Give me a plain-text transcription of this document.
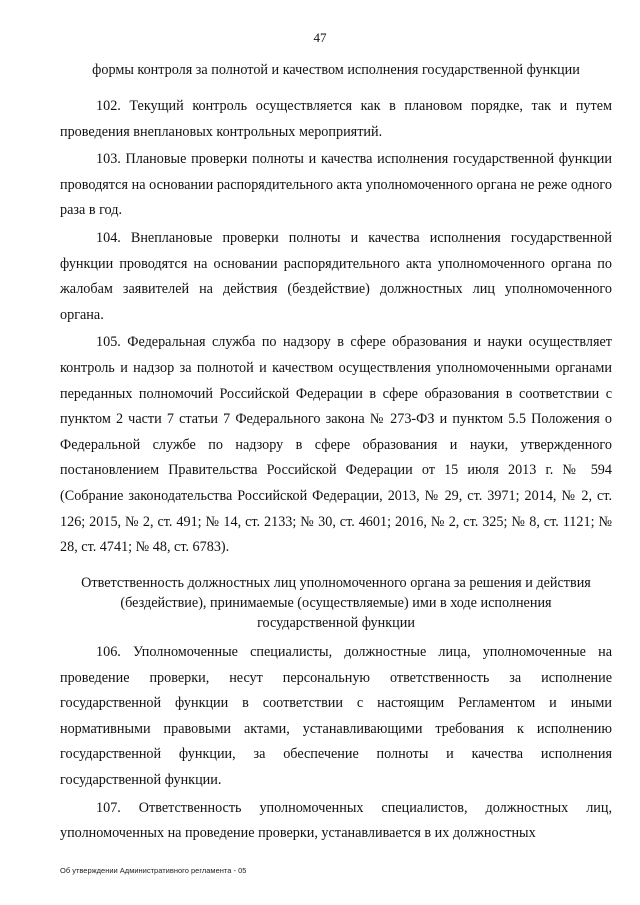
47

формы контроля за полнотой и качеством исполнения государственной функции

102. Текущий контроль осуществляется как в плановом порядке, так и путем проведения внеплановых контрольных мероприятий.

103. Плановые проверки полноты и качества исполнения государственной функции проводятся на основании распорядительного акта уполномоченного органа не реже одного раза в год.

104. Внеплановые проверки полноты и качества исполнения государственной функции проводятся на основании распорядительного акта уполномоченного органа по жалобам заявителей на действия (бездействие) должностных лиц уполномоченного органа.

105. Федеральная служба по надзору в сфере образования и науки осуществляет контроль и надзор за полнотой и качеством осуществления уполномоченными органами переданных полномочий Российской Федерации в сфере образования в соответствии с пунктом 2 части 7 статьи 7 Федерального закона № 273-ФЗ и пунктом 5.5 Положения о Федеральной службе по надзору в сфере образования и науки, утвержденного постановлением Правительства Российской Федерации от 15 июля 2013 г. № 594 (Собрание законодательства Российской Федерации, 2013, № 29, ст. 3971; 2014, № 2, ст. 126; 2015, № 2, ст. 491; № 14, ст. 2133; № 30, ст. 4601; 2016, № 2, ст. 325; № 8, ст. 1121; № 28, ст. 4741; № 48, ст. 6783).

Ответственность должностных лиц уполномоченного органа за решения и действия

(бездействие), принимаемые (осуществляемые) ими в ходе исполнения

государственной функции

106. Уполномоченные специалисты, должностные лица, уполномоченные на проведение проверки, несут персональную ответственность за исполнение государственной функции в соответствии с настоящим Регламентом и иными нормативными правовыми актами, устанавливающими требования к исполнению государственной функции, за обеспечение полноты и качества исполнения государственной функции.

107. Ответственность уполномоченных специалистов, должностных лиц, уполномоченных на проведение проверки, устанавливается в их должностных

Об утверждении Административного регламента - 05
